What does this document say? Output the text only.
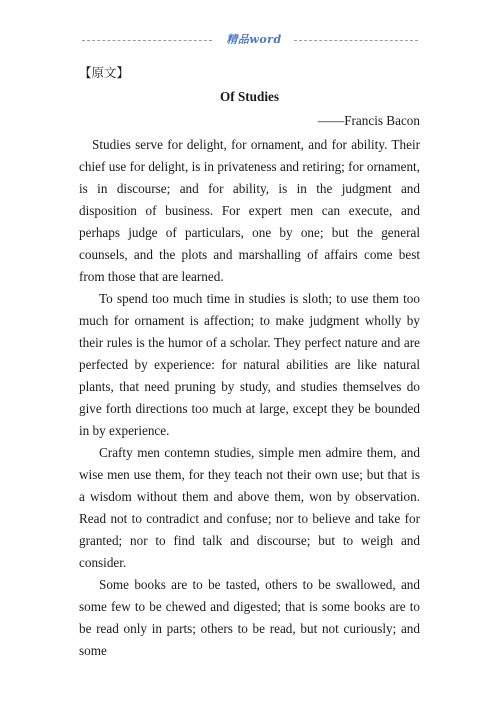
精品word
【原文】
Of Studies
——Francis Bacon

Studies serve for delight, for ornament, and for ability. Their chief use for delight, is in privateness and retiring; for ornament, is in discourse; and for ability, is in the judgment and disposition of business. For expert men can execute, and perhaps judge of particulars, one by one; but the general counsels, and the plots and marshalling of affairs come best from those that are learned.

To spend too much time in studies is sloth; to use them too much for ornament is affection; to make judgment wholly by their rules is the humor of a scholar. They perfect nature and are perfected by experience: for natural abilities are like natural plants, that need pruning by study, and studies themselves do give forth directions too much at large, except they be bounded in by experience.

Crafty men contemn studies, simple men admire them, and wise men use them, for they teach not their own use; but that is a wisdom without them and above them, won by observation. Read not to contradict and confuse; nor to believe and take for granted; nor to find talk and discourse; but to weigh and consider.

Some books are to be tasted, others to be swallowed, and some few to be chewed and digested; that is some books are to be read only in parts; others to be read, but not curiously; and some
